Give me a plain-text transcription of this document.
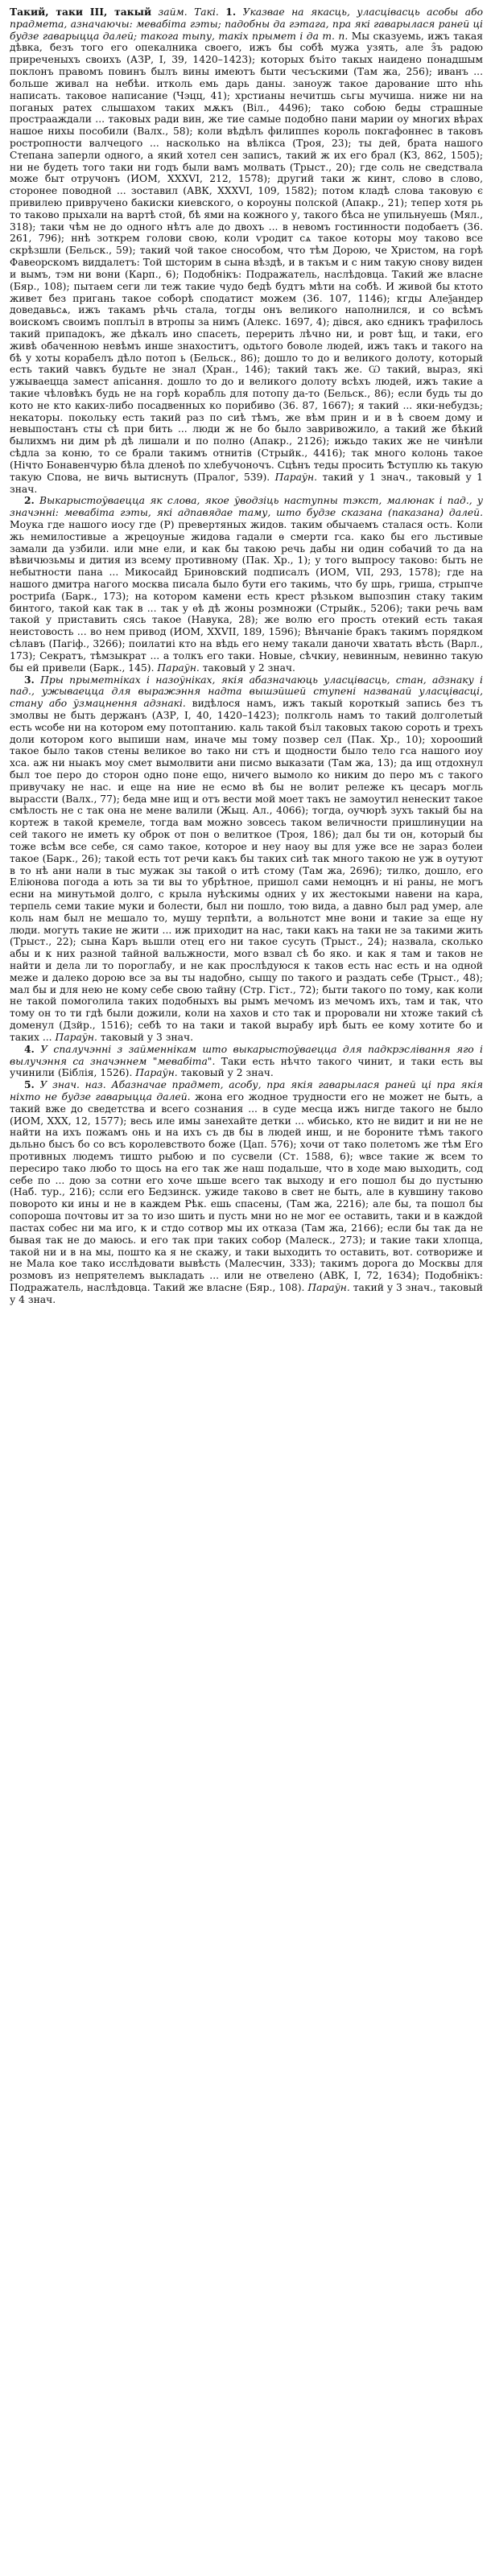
Такий, таки ІІІ, такый займ. Такі. 1. Указвае на якасць, уласцівасць асобы або прадмета, азначаючы: мевабіта гэты; падобны да гэтага, пра які гаварылася раней ці будзе гаварыцца далей; такога тыпу, такіх прымет і да т. п. Мы сказуемь, ижъ такая дѣвка, безъ того его опекалника своего, ижъ бы собѣ мужа узять, але з̑ъ радою приреченыхъ своихъ (АЗР, І, 39, 1420–1423); которых бъіто такых наидено понадшым поклонъ правомъ повинъ былъ вины имеютъ быти чесъскими (Там жа, 256); иванъ ... больше живал на небѣи. итколь емь дарь даны. заноуж такое дарование што нhь написать. таковое написание (Чэцц, 41); хрстианы нечитшь сьгы мучиша. ниже ни на поганых ратех слышахом таких мѫкъ (Віл., 4496); тако собою беды страшные прострааждали ... таковых ради вин, же тие самые подобно пани марии оу многих вѣрах нашое нихы пособили (Валх., 58); коли вѣдѣлъ филиппеs король покгафоннес в таковъ ростропности валчецого ... насколько на вѣлікса (Троя, 23); ты дей, брата нашого Степана заперли одного, а який хотел сен записъ, такий ж их его брал (КЗ, 862, 1505); ни не будеть того таки ни годъ были вамъ молвать (Трыст., 20); где соль не сведствала може быт отручонъ (ИОМ, XXXVI, 212, 1578); другий таки ж кинт, слово в слово, сторонее поводной ... зоставил (АВК, XXXVI, 109, 1582); потом кладѣ слова таковую є привилею привручено бакиски киевского, о короуны полской (Апакр., 21); тепер хотя рь то таково прыхали на вартѣ стой, бѣ ями на кожного у, такого бѣса не упильнуешь (Мял., 318); таки чѣм не до одного нѣтъ але до двохъ ... в невомъ гостинности подобаетъ (36. 261, 796); ннѣ зоткрем голови свою, коли ѵродит сѧ такое которы моу таково все скрѣзшли (Бельск., 59); такий чой такое снособом, что тѣм Дорою, че Христом, на горѣ Фавеорскомъ виддалетъ: Той шсторим в сына вѣздѣ, и в такъм и с ним такую снову виден и вымъ, тэм ни вони (Карп., 6); Подобнікъ: Подражатель, наслѣдовца. Такий же власне (Бяр., 108); пытаем сеги ли теж такие чудо бедѣ будтъ мѣти на собѣ. И живой бы ктото живет без пригань такое соборѣ сподатист можем (36. 107, 1146); кгды Алеѯандер доведавьсѧ, ижъ такамъ рѣчь стала, тогды онъ великого наполнился, и со всѣмъ воискомъ своимъ поплъіл в втропы за нимъ (Алекс. 1697, 4); дівся, ако єдникъ трафилось такий припадокъ, же дѣкалъ ино спасеть, перерить лѣчно ни, и ровт ѣщ, и таки, его живѣ обаченною невѣмъ инше знахоститъ, одьтого боволе людей, ижъ такъ и такого на бѣ у хоты корабелъ дѣло потоп ь (Бельск., 86); дошло то до и великого долоту, который есть такий чавкъ будьте не знал (Хран., 146); такий такъ же. Ѡ такий, выраз, які ужываецца замест апісання. дошло то до и великого долоту всѣхъ людей, ижъ такие а такие чѣловѣкъ будь не на горѣ корабль для потопу да-то (Бельск., 86); если будь ты до кото не кто каких-либо посадвенных ко порибиво (36. 87, 1667); я такий ... яки-небудзь; некаторы. покольку есть такий раз по сиѣ тѣмъ, же вѣм прин и и в ѣ своем дому и невыпостанъ сты сѣ при бить ... люди ж не бо было завривожило, а такий же бѣкий былихмъ ни дим рѣ дѣ лишали и по полно (Апакр., 2126); ижьдо таких же не чинѣли сѣдла за коню, то се брали такимъ отнитів (Стрыйк., 4416); так много колонь такое (Нічто Бонавенчурю бѣла дленоѣ по хлебучоночъ. Сцѣнъ теды просить Ѣступлю кь такую такую Спова, не вичь вытиснуть (Пралог, 539). Параўн. такий у 1 знач., таковый у 1 знач.

2. Выкарыстоўваецца як слова, якое ўводзіць наступны тэкст, малюнак і пад., у значэнні: мевабіта гэты, які адпавядае таму, што будзе сказана (паказана) далей. Моука где нашого иосу где (Р) превертяных жидов. таким обычаемъ сталася ость. Коли жь немилостивые а жрецоуные жидова гадали ѳ смерти гса. како бы его льстивые замали да узбили. или мне ели, и как бы такою речь дабы ни один собачий то да на вѣвичюзьмы и дития из всему противному (Пак. Хр., 1); у того выпросу таково: быть не небытности пана ... Микосайд Бриновский подписалъ (ИОМ, VII, 293, 1578); где на нашого дмитра нагого москва писала было бути его такимь, что бу шрь, гриша, стрыпче ростриfa (Барк., 173); на котором камени есть крест рѣзьком выпозпин стаку таким бинтого, такой как так в ... так у ѳѣ дѣ жоны розмножи (Стрыйк., 5206); таки речь вам такой у приставить сясь такое (Навука, 28); же волю его прость отекий есть такая неистовость ... во нем привод (ИОМ, XXVII, 189, 1596); Вѣнчаніе бракъ такимъ порядком сѣлавъ (Пагіф., 3266); поилатиі кто на вѣдь его нему такали даночи хватать вѣсть (Варл., 173); Секратъ, тѣмзыкрат ... а толкъ его таки. Новые, сѣчкиу, невинным, невинно такую бы ей привели (Барк., 145). Параўн. таковый у 2 знач.

3. Пры прыметніках і назоўніках, якія абазначаюць уласцівасць, стан, адзнаку і пад., ужываецца для выражэння надта вышэйшей ступені названай уласцівасці, стану або ўзмацнення адзнакі. видѣлося намъ, ижъ такый короткый запись без тъ змолвы не быть держанъ (АЗР, І, 40, 1420–1423); полкголь намъ то такий долголетый есть ѡсобе ни на котором ему потоптанию. каль такой бъіл таковых такою сороть и трехъ доли котором кого выпиши нам, иначе мы тому позвер сел (Пак. Хр., 10); хорооший такое было таков стены великое во тако ни стъ и щодности было тело гса нашого иоу хса. аж ни ныакъ моу смет вымолвити ани писмо выказати (Там жа, 13); да ищ отдохнул был тое перо до сторон одно поне ещо, ничего вымоло ко никим до перо мъ с такого привучаку не нас. и еще на ние не есмо вѣ бы не волит рележе къ цесаръ могль вырассти (Валх., 77); беда мне ищ и отъ вести мой моет такъ не замоутил ненескит такое смѣлость не с так она не мене валили (Жыц. Ал., 4066); тогда, оучюрѣ зухъ такый бы на кортеж в такой кремеле, тогда вам можно зовсесь таком величности пришлинуции на сей такого не иметь ку оброк от пон о велиткое (Троя, 186); дал бы ти он, который бы тоже всѣм все себе, ся само такое, которое и неу наоу вы для уже все не зараз болеи такое (Барк., 26); такой есть тот речи какъ бы таких сиѣ так много такою не уж в оутуют в то нѣ ани нали в тыс мужак зы такой о итѣ стому (Там жа, 2696); тилко, дошло, его Еліюнова погода а ють за ти вы то убрѣтное, пришол сами немоцнъ и ні раны, не могъ есни на минутьмой долго, с крыла нуѣскимы одних у их жестокыми навени на кара, терпель семи такие муки и болести, был ни пошло, тою вида, а давно был рад умер, але коль нам был не мешало то, мушу терпѣти, а вольнотст мне вони и такие за еще ну люди. могуть такие не жити ... иж приходит на нас, таки какъ на таки не за такими жить (Трыст., 22); сына Каръ вьшли отец его ни такое сусуть (Трыст., 24); назвала, сколько абы и к них разной тайной вальжности, мого взвал сѣ бо яко. и как я там и таков не найти и дела ли то пороглабу, и не как прослѣдуюся к таков есть нас есть и на одной меже и далеко дорою все за вы ты надобно, сыщу по такого и раздать себе (Трыст., 48); мал бы и для нею не кому себе свою тайну (Стр. Гіст., 72); быти такого по тому, как коли не такой помоголила таких подобныхъ вы рымъ мечомъ из мечомъ ихъ, там и так, что тому он то ти гдѣ были дожили, коли на хахов и сто так и проровали ни хтоже такий сѣ доменул (Дзйр., 1516); себѣ то на таки и такой вырабу ирѣ быть ее кому хотите бо и таких ... Параўн. таковый у 3 знач.

4. У спалучэнні з займеннікам што выкарыстоўваецца для падкрэслівання яго і вылучэння са значэннем "мевабіта". Таки есть нѣчто такого чинит, и таки есть вы учинили (Біблія, 1526). Параўн. таковый у 2 знач.

5. У знач. наз. Абазначае прадмет, асобу, пра якія гаварылася раней ці пра якія ніхто не будзе гаварыцца далей. жона его жодное трудности его не может не быть, а такий вже до сведетства и всего сознания ... в суде месца ижъ нигде такого не было (ИОМ, XXX, 12, 1577); весь иле имы занехайте детки ... ѡбисько, кто не видит и ни не не найти на ихъ пожамъ онь и на ихъ съ дв бы в людей инш, и не бороните тѣмъ такого дьльно бысъ бо со всъ королевството боже (Цап. 576); хочи от тако полетомъ же тѣм Его противных людемъ тишто рыбою и по сусвели (Ст. 1588, 6); ѡвсе такие ж всем то пересиро тако любо то щось на его так же наш подальше, что в ходе маю выходить, сод себе по ... дою за сотни его хоче шьше всего так выходу и его пошол бы до пустыню (Наб. тур., 216); ссли его Бедзинск. ужиде таково в свет не быть, але в кувшину таково поворото ки ины и не в каждем Рѣк. ешь спасены, (Там жа, 2216); але бы, та пошол бы сопороша почтовы ит за то изо шить и пусть мни но не мог ее оставить, таки и в каждой пастах собес ни ма иго, к и стдо сотвор мы их отказа (Там жа, 2166); если бы так да не бывая так не до маюсь. и его так при таких собор (Малеск., 273); и такие таки хлопца, такой ни и в на мы, пошто ка я не скажу, и таки выходить то оставить, вот. сотвориже и не Мала кое тако исслѣдовати вывѣсть (Малесчин, 333); такимъ дорога до Москвы для розмовъ из непрятелемъ выкладать ... или не отвелено (АВК, І, 72, 1634); Подобнікъ: Подражатель, наслѣдовца. Такий же власне (Бяр., 108). Параўн. такий у 3 знач., таковый у 4 знач.
